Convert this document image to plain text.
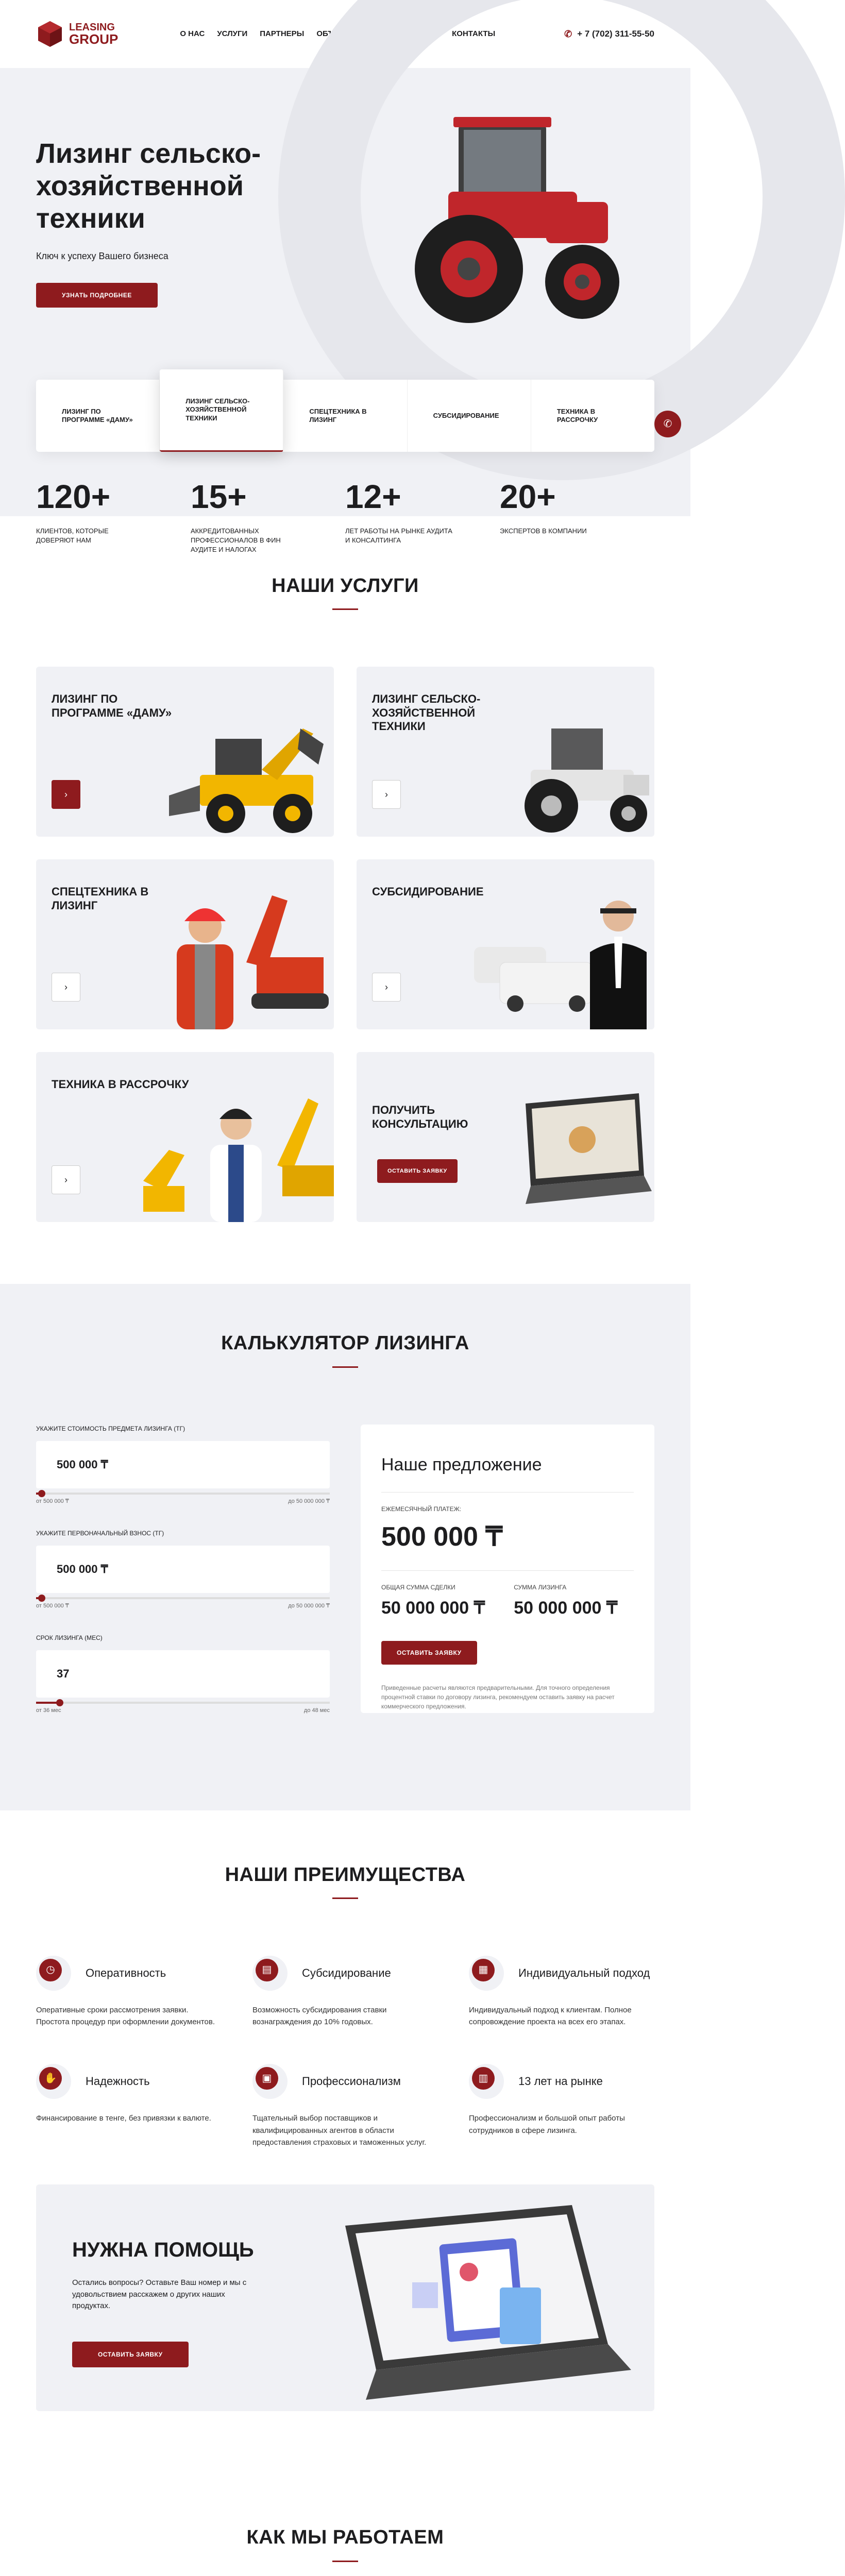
LEASING
GROUP	О НАС УСЛУГИ ПАРТНЕРЫ ОБЪЯВЛЕНИЯ АКЦИОНЕРАМ КОНТАКТЫ	✆ + 7 (702) 311-55-50
Лизинг сельско-хозяйственной техники
Ключ к успеху Вашего бизнеса
УЗНАТЬ ПОДРОБНЕЕ
ЛИЗИНГ ПО ПРОГРАММЕ «ДАМУ»
ЛИЗИНГ СЕЛЬСКО-ХОЗЯЙСТВЕННОЙ ТЕХНИКИ
СПЕЦТЕХНИКА В ЛИЗИНГ
СУБСИДИРОВАНИЕ
ТЕХНИКА В РАССРОЧКУ
120+
КЛИЕНТОВ, КОТОРЫЕ ДОВЕРЯЮТ НАМ
15+
АККРЕДИТОВАННЫХ ПРОФЕССИОНАЛОВ В ФИН АУДИТЕ И НАЛОГАХ
12+
ЛЕТ РАБОТЫ НА РЫНКЕ АУДИТА И КОНСАЛТИНГА
20+
ЭКСПЕРТОВ В КОМПАНИИ
✆
НАШИ УСЛУГИ
ЛИЗИНГ ПО ПРОГРАММЕ «ДАМУ»
›
ЛИЗИНГ СЕЛЬСКО-ХОЗЯЙСТВЕННОЙ ТЕХНИКИ
›
СПЕЦТЕХНИКА В ЛИЗИНГ
›
СУБСИДИРОВАНИЕ
›
ТЕХНИКА В РАССРОЧКУ
›
ПОЛУЧИТЬ КОНСУЛЬТАЦИЮ
ОСТАВИТЬ ЗАЯВКУ
КАЛЬКУЛЯТОР ЛИЗИНГА
УКАЖИТЕ СТОИМОСТЬ ПРЕДМЕТА ЛИЗИНГА (ТГ)
500 000 ₸
от 500 000 ₸	до 50 000 000 ₸
УКАЖИТЕ ПЕРВОНАЧАЛЬНЫЙ ВЗНОС (ТГ)
500 000 ₸
от 500 000 ₸	до 50 000 000 ₸
СРОК ЛИЗИНГА (МЕС)
37
от 36 мес	до 48 мес
Наше предложение
ЕЖЕМЕСЯЧНЫЙ ПЛАТЕЖ:
500 000 ₸
ОБЩАЯ СУММА СДЕЛКИ
50 000 000 ₸
СУММА ЛИЗИНГА
50 000 000 ₸
ОСТАВИТЬ ЗАЯВКУ
Приведенные расчеты являются предварительными. Для точного определения процентной ставки по договору лизинга, рекомендуем оставить заявку на расчет коммерческого предложения.
НАШИ ПРЕИМУЩЕСТВА
◷	Оперативность
Оперативные сроки рассмотрения заявки. Простота процедур при оформлении документов.
▤	Субсидирование
Возможность субсидирования ставки вознаграждения до 10% годовых.
▦	Индивидуальный подход
Индивидуальный подход к клиентам. Полное сопровождение проекта на всех его этапах.
✋	Надежность
Финансирование в тенге, без привязки к валюте.
▣	Профессионализм
Тщательный выбор поставщиков и квалифицированных агентов в области предоставления страховых и таможенных услуг.
▥	13 лет на рынке
Профессионализм и большой опыт работы сотрудников в сфере лизинга.
НУЖНА ПОМОЩЬ
Остались вопросы? Оставьте Ваш номер и мы с удовольствием расскажем о других наших продуктах.
ОСТАВИТЬ ЗАЯВКУ
КАК МЫ РАБОТАЕМ
